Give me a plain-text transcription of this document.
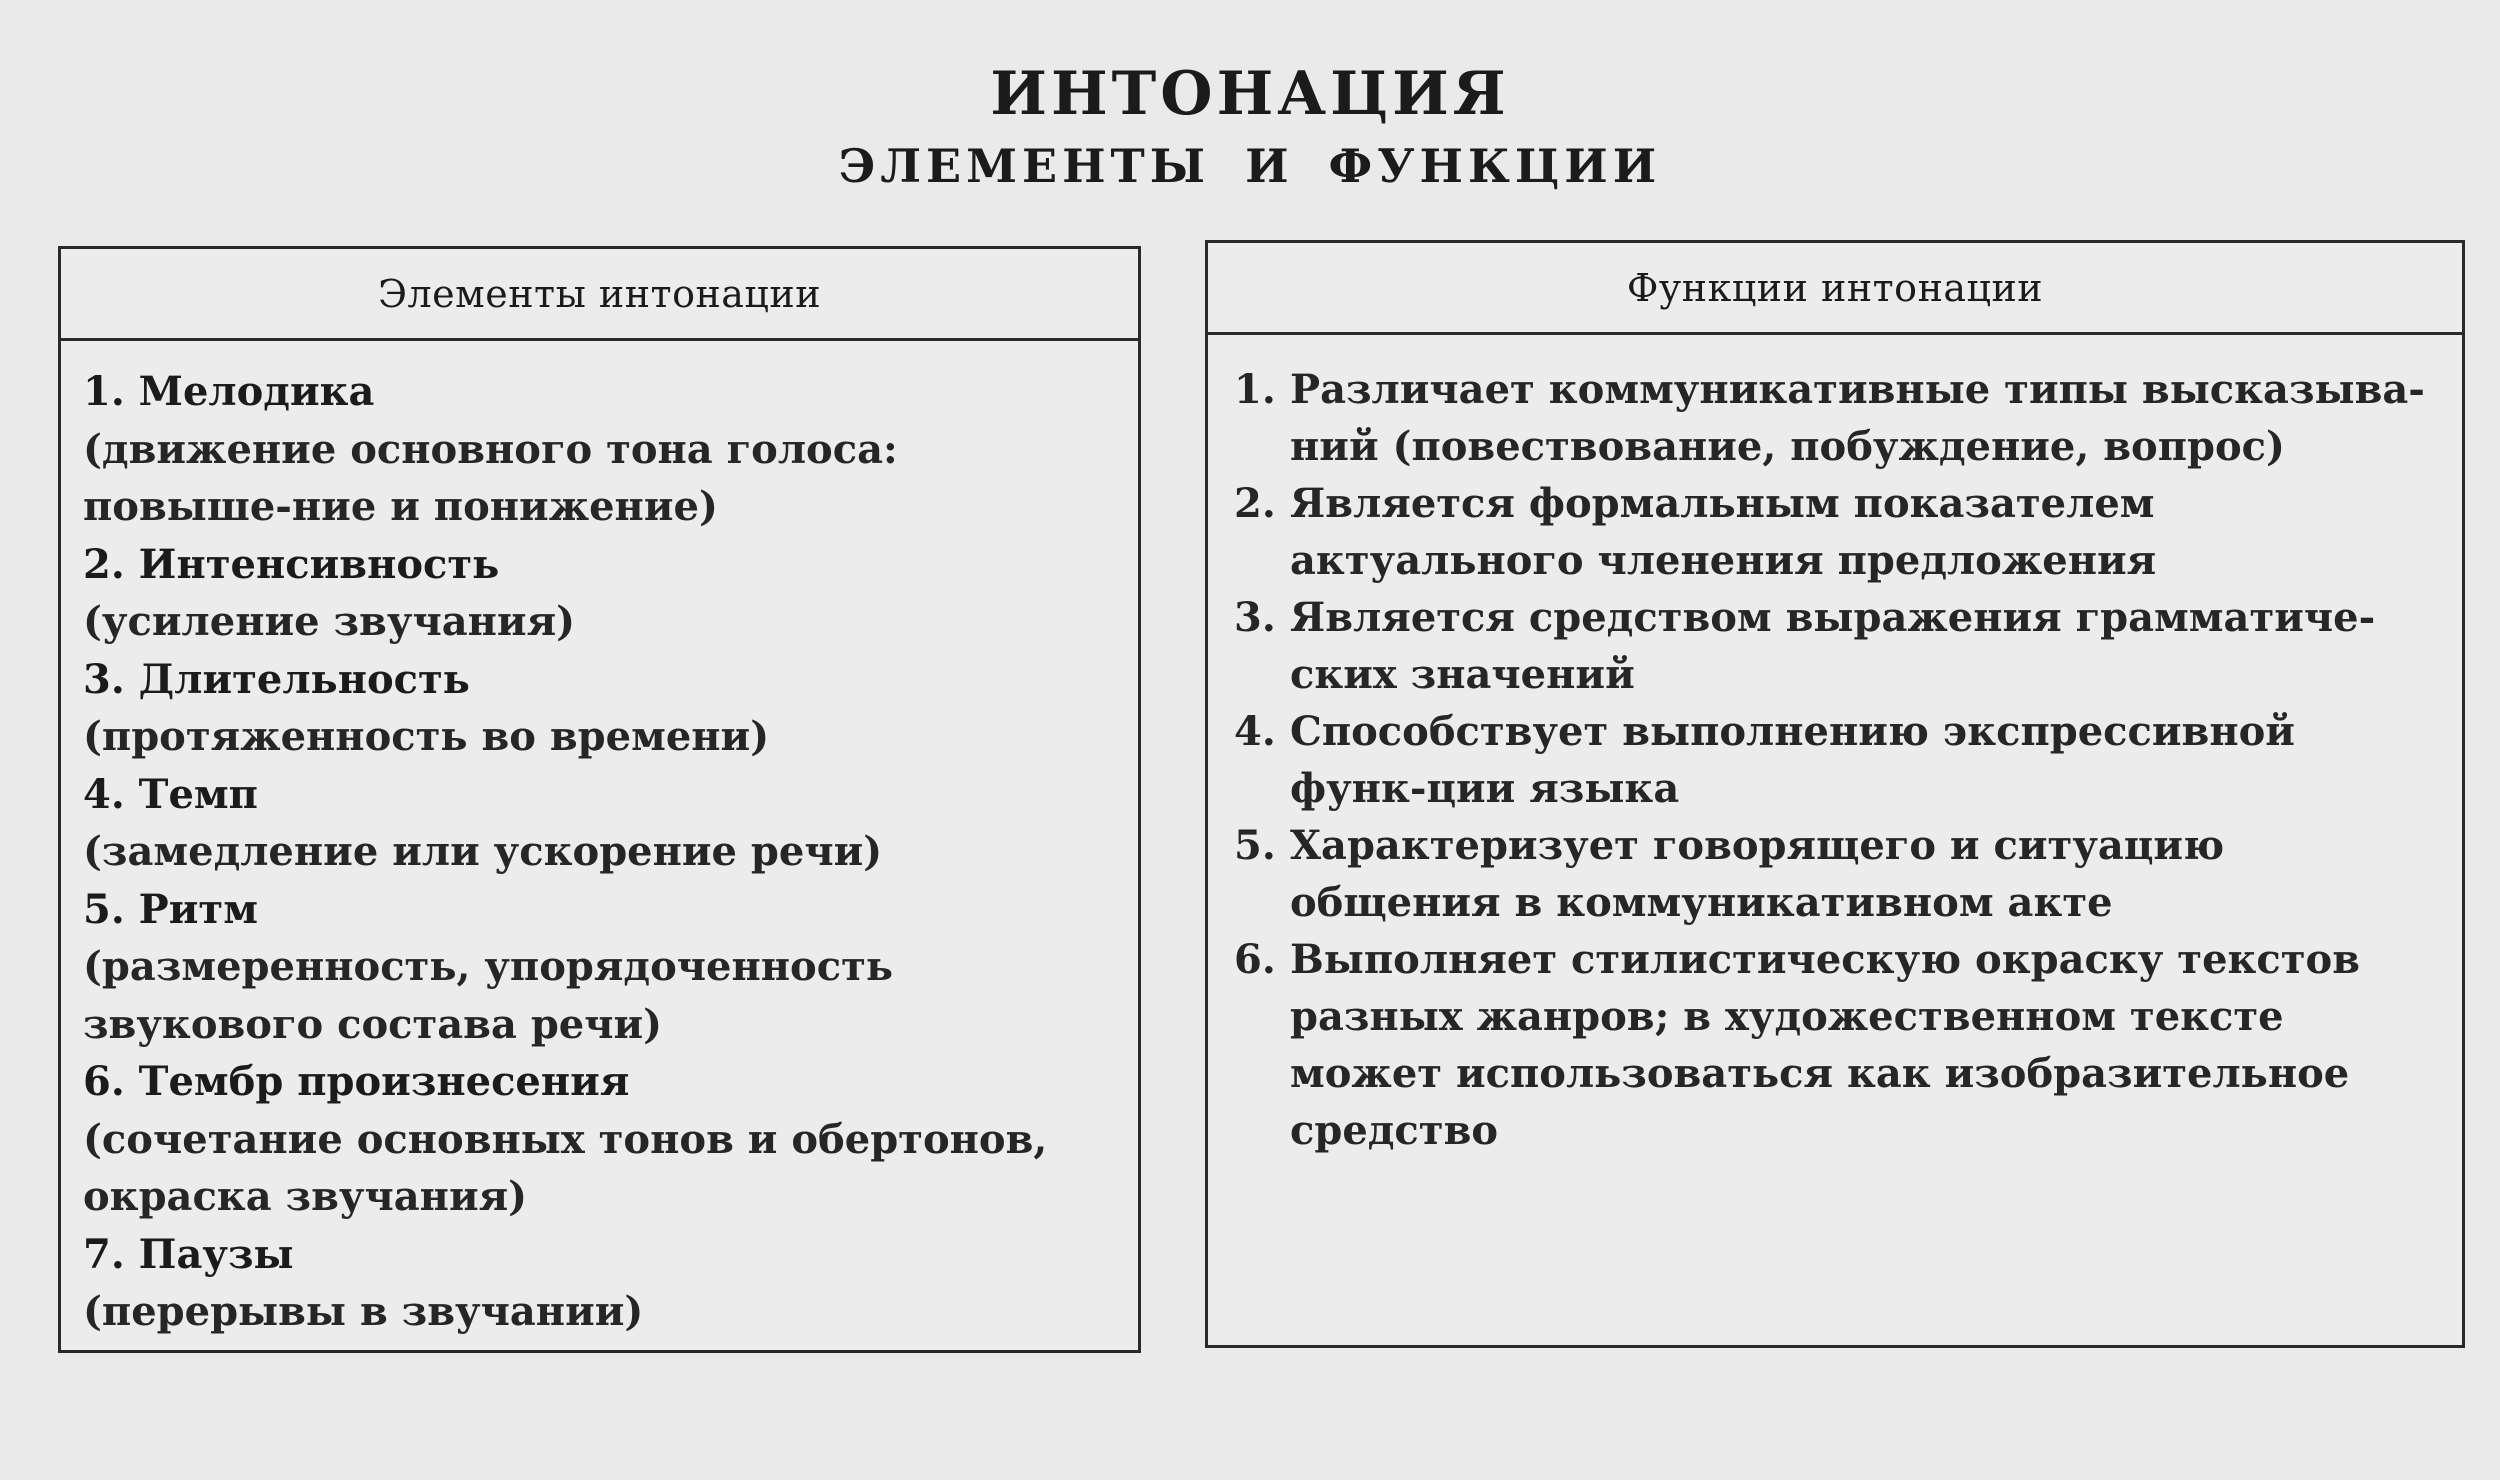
ИНТОНАЦИЯ
ЭЛЕМЕНТЫ И ФУНКЦИИ
Элементы интонации
1. Мелодика
(движение основного тона голоса: повыше-ние и понижение)
2. Интенсивность
(усиление звучания)
3. Длительность
(протяженность во времени)
4. Темп
(замедление или ускорение речи)
5. Ритм
(размеренность, упорядоченность звукового состава речи)
6. Тембр произнесения
(сочетание основных тонов и обертонов, окраска звучания)
7. Паузы
(перерывы в звучании)
Функции интонации
1. Различает коммуникативные типы высказыва-ний (повествование, побуждение, вопрос)
2. Является формальным показателем актуального членения предложения
3. Является средством выражения грамматиче-ских значений
4. Способствует выполнению экспрессивной функ-ции языка
5. Характеризует говорящего и ситуацию общения в коммуникативном акте
6. Выполняет стилистическую окраску текстов разных жанров; в художественном тексте может использоваться как изобразительное средство
